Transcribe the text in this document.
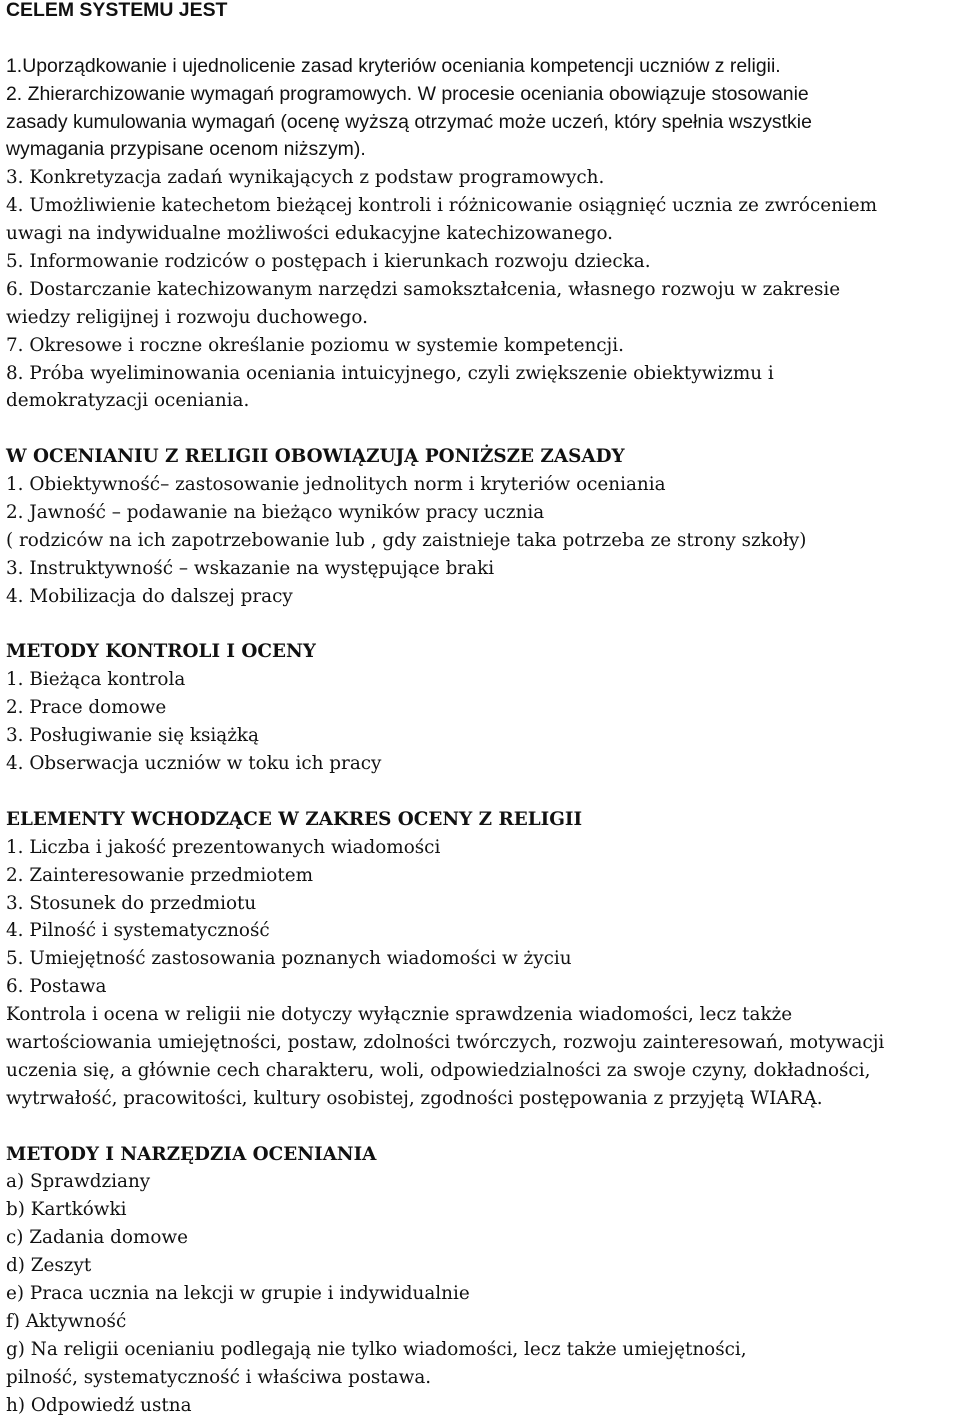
CELEM SYSTEMU JEST
1.Uporządkowanie i ujednolicenie zasad kryteriów oceniania kompetencji uczniów z religii.
2. Zhierarchizowanie wymagań programowych. W procesie oceniania obowiązuje stosowanie
zasady kumulowania wymagań (ocenę wyższą otrzymać może uczeń, który spełnia wszystkie
wymagania przypisane ocenom niższym).
3. Konkretyzacja zadań wynikających z podstaw programowych.
4. Umożliwienie katechetom bieżącej kontroli i różnicowanie osiągnięć ucznia ze zwróceniem
uwagi na indywidualne możliwości edukacyjne katechizowanego.
5. Informowanie rodziców o postępach i kierunkach rozwoju dziecka.
6. Dostarczanie katechizowanym narzędzi samokształcenia, własnego rozwoju w zakresie
wiedzy religijnej i rozwoju duchowego.
7. Okresowe i roczne określanie poziomu w systemie kompetencji.
8. Próba wyeliminowania oceniania intuicyjnego, czyli zwiększenie obiektywizmu i
demokratyzacji oceniania.
W OCENIANIU Z RELIGII OBOWIĄZUJĄ PONIŻSZE ZASADY
1. Obiektywność– zastosowanie jednolitych norm i kryteriów oceniania
2. Jawność – podawanie na bieżąco wyników pracy ucznia
( rodziców na ich zapotrzebowanie lub , gdy zaistnieje taka potrzeba ze strony szkoły)
3. Instruktywność – wskazanie na występujące braki
4. Mobilizacja do dalszej pracy
METODY KONTROLI I OCENY
1. Bieżąca kontrola
2. Prace domowe
3. Posługiwanie się książką
4. Obserwacja uczniów w toku ich pracy
ELEMENTY WCHODZĄCE W ZAKRES OCENY Z RELIGII
1. Liczba i jakość prezentowanych wiadomości
2. Zainteresowanie przedmiotem
3. Stosunek do przedmiotu
4. Pilność i systematyczność
5. Umiejętność zastosowania poznanych wiadomości w życiu
6. Postawa
Kontrola i ocena w religii nie dotyczy wyłącznie sprawdzenia wiadomości, lecz także
wartościowania umiejętności, postaw, zdolności twórczych, rozwoju zainteresowań, motywacji
uczenia się, a głównie cech charakteru, woli, odpowiedzialności za swoje czyny, dokładności,
wytrwałość, pracowitości, kultury osobistej, zgodności postępowania z przyjętą WIARĄ.
METODY I NARZĘDZIA OCENIANIA
a) Sprawdziany
b) Kartkówki
c) Zadania domowe
d) Zeszyt
e) Praca ucznia na lekcji w grupie i indywidualnie
f) Aktywność
g) Na religii ocenianiu podlegają nie tylko wiadomości, lecz także umiejętności,
pilność, systematyczność i właściwa postawa.
h) Odpowiedź ustna
